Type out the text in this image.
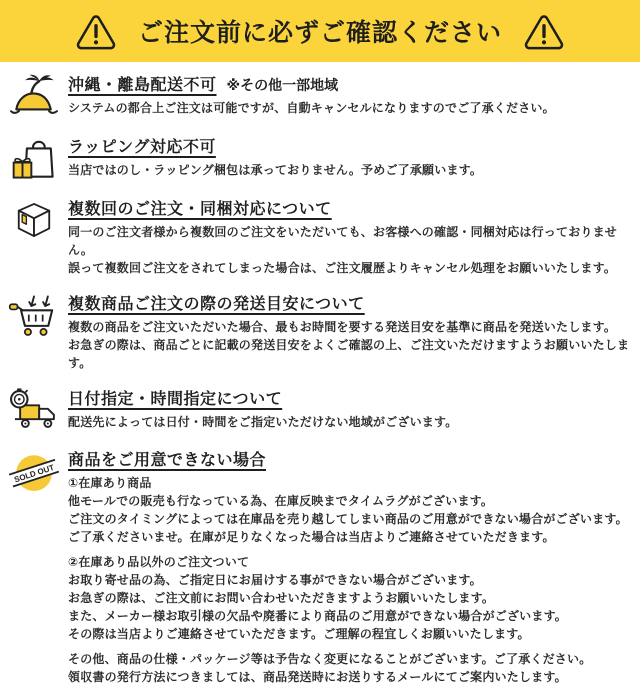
ご注文前に必ずご確認ください
沖縄・離島配送不可 ※その他一部地域
システムの都合上ご注文は可能ですが、自動キャンセルになりますのでご了承ください。
ラッピング対応不可
当店ではのし・ラッピング梱包は承っておりません。予めご了承願います。
複数回のご注文・同梱対応について
同一のご注文者様から複数回のご注文をいただいても、お客様への確認・同梱対応は行っておりません。
誤って複数回ご注文をされてしまった場合は、ご注文履歴よりキャンセル処理をお願いいたします。
複数商品ご注文の際の発送目安について
複数の商品をご注文いただいた場合、最もお時間を要する発送目安を基準に商品を発送いたします。
お急ぎの際は、商品ごとに記載の発送目安をよくご確認の上、ご注文いただけますようお願いいたします。
日付指定・時間指定について
配送先によっては日付・時間をご指定いただけない地域がございます。
SOLD OUT
商品をご用意できない場合
①在庫あり商品
他モールでの販売も行なっている為、在庫反映までタイムラグがございます。
ご注文のタイミングによっては在庫品を売り越してしまい商品のご用意ができない場合がございます。
ご了承くださいませ。在庫が足りなくなった場合は当店よりご連絡させていただきます。
②在庫あり品以外のご注文ついて
お取り寄せ品の為、ご指定日にお届けする事ができない場合がございます。
お急ぎの際は、ご注文前にお問い合わせいただきますようお願いいたします。
また、メーカー様お取引様の欠品や廃番により商品のご用意ができない場合がございます。
その際は当店よりご連絡させていただきます。ご理解の程宜しくお願いいたします。
その他、商品の仕様・パッケージ等は予告なく変更になることがございます。ご了承ください。
領収書の発行方法につきましては、商品発送時にお送りするメールにてご案内いたします。
